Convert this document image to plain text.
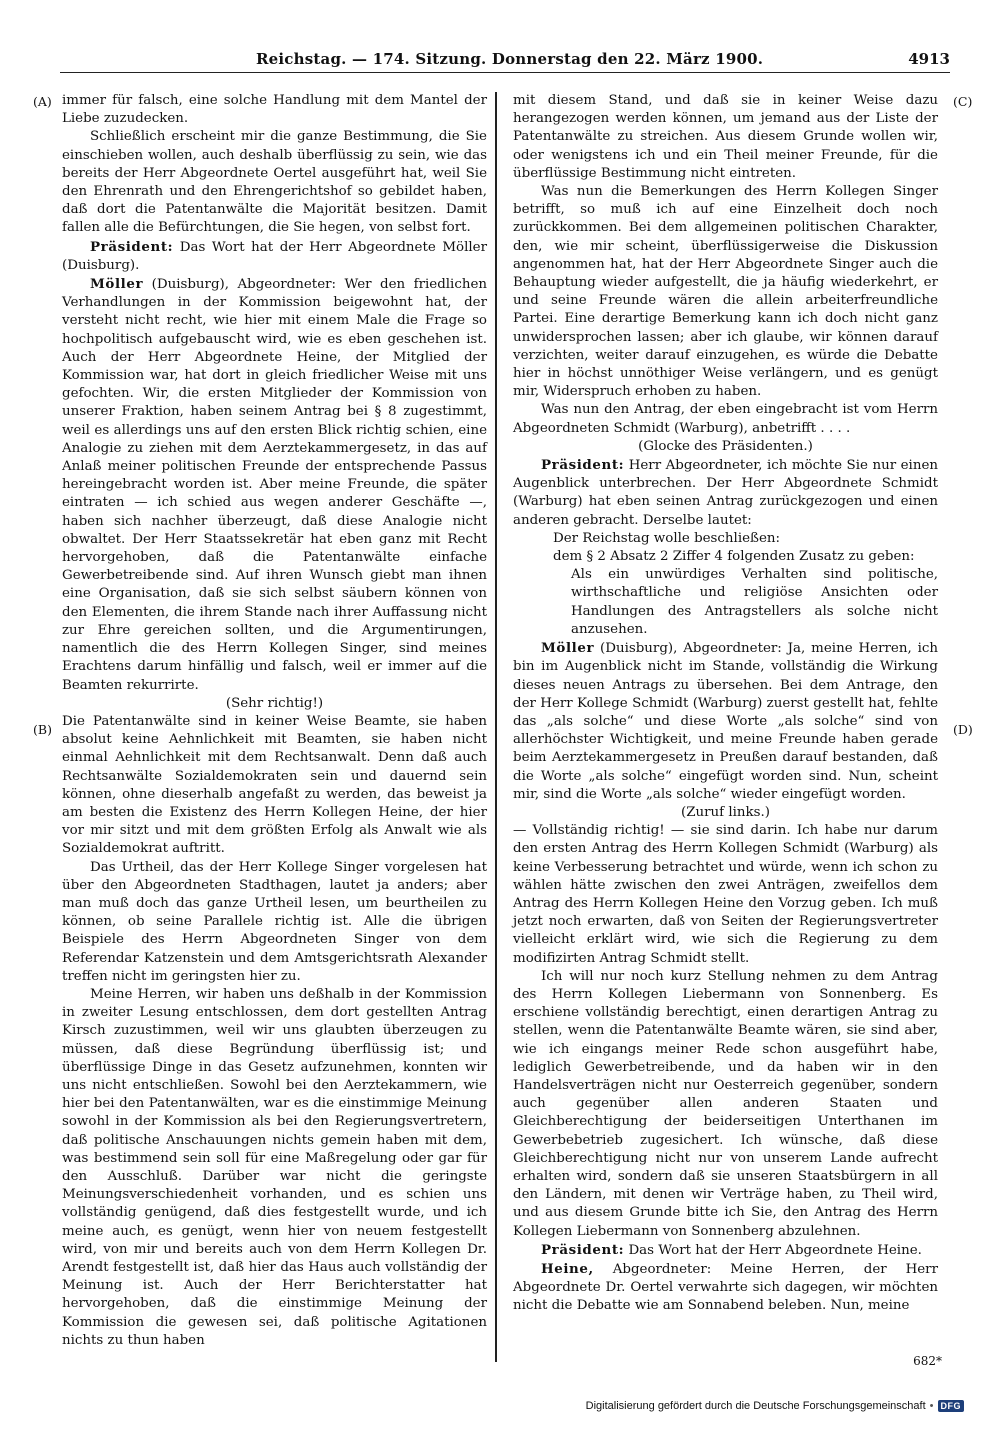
Reichstag. — 174. Sitzung. Donnerstag den 22. März 1900.	4913
(A)
(B)
(C)
(D)

immer für falsch, eine solche Handlung mit dem Mantel der Liebe zuzudecken.

Schließlich erscheint mir die ganze Bestimmung, die Sie einschieben wollen, auch deshalb überflüssig zu sein, wie das bereits der Herr Abgeordnete Oertel ausgeführt hat, weil Sie den Ehrenrath und den Ehrengerichtshof so gebildet haben, daß dort die Patentanwälte die Majorität besitzen. Damit fallen alle die Befürchtungen, die Sie hegen, von selbst fort.

Präsident: Das Wort hat der Herr Abgeordnete Möller (Duisburg).

Möller (Duisburg), Abgeordneter: Wer den friedlichen Verhandlungen in der Kommission beigewohnt hat, der versteht nicht recht, wie hier mit einem Male die Frage so hochpolitisch aufgebauscht wird, wie es eben geschehen ist. Auch der Herr Abgeordnete Heine, der Mitglied der Kommission war, hat dort in gleich friedlicher Weise mit uns gefochten. Wir, die ersten Mitglieder der Kommission von unserer Fraktion, haben seinem Antrag bei § 8 zugestimmt, weil es allerdings uns auf den ersten Blick richtig schien, eine Analogie zu ziehen mit dem Aerztekammergesetz, in das auf Anlaß meiner politischen Freunde der entsprechende Passus hereingebracht worden ist. Aber meine Freunde, die später eintraten — ich schied aus wegen anderer Geschäfte —, haben sich nachher überzeugt, daß diese Analogie nicht obwaltet. Der Herr Staatssekretär hat eben ganz mit Recht hervorgehoben, daß die Patentanwälte einfache Gewerbetreibende sind. Auf ihren Wunsch giebt man ihnen eine Organisation, daß sie sich selbst säubern können von den Elementen, die ihrem Stande nach ihrer Auffassung nicht zur Ehre gereichen sollten, und die Argumentirungen, namentlich die des Herrn Kollegen Singer, sind meines Erachtens darum hinfällig und falsch, weil er immer auf die Beamten rekurrirte.

(Sehr richtig!)

Die Patentanwälte sind in keiner Weise Beamte, sie haben absolut keine Aehnlichkeit mit Beamten, sie haben nicht einmal Aehnlichkeit mit dem Rechtsanwalt. Denn daß auch Rechtsanwälte Sozialdemokraten sein und dauernd sein können, ohne dieserhalb angefaßt zu werden, das beweist ja am besten die Existenz des Herrn Kollegen Heine, der hier vor mir sitzt und mit dem größten Erfolg als Anwalt wie als Sozialdemokrat auftritt.

Das Urtheil, das der Herr Kollege Singer vorgelesen hat über den Abgeordneten Stadthagen, lautet ja anders; aber man muß doch das ganze Urtheil lesen, um beurtheilen zu können, ob seine Parallele richtig ist. Alle die übrigen Beispiele des Herrn Abgeordneten Singer von dem Referendar Katzenstein und dem Amtsgerichtsrath Alexander treffen nicht im geringsten hier zu.

Meine Herren, wir haben uns deßhalb in der Kommission in zweiter Lesung entschlossen, dem dort gestellten Antrag Kirsch zuzustimmen, weil wir uns glaubten überzeugen zu müssen, daß diese Begründung überflüssig ist; und überflüssige Dinge in das Gesetz aufzunehmen, konnten wir uns nicht entschließen. Sowohl bei den Aerztekammern, wie hier bei den Patentanwälten, war es die einstimmige Meinung sowohl in der Kommission als bei den Regierungsvertretern, daß politische Anschauungen nichts gemein haben mit dem, was bestimmend sein soll für eine Maßregelung oder gar für den Ausschluß. Darüber war nicht die geringste Meinungsverschiedenheit vorhanden, und es schien uns vollständig genügend, daß dies festgestellt wurde, und ich meine auch, es genügt, wenn hier von neuem festgestellt wird, von mir und bereits auch von dem Herrn Kollegen Dr. Arendt festgestellt ist, daß hier das Haus auch vollständig der Meinung ist. Auch der Herr Berichterstatter hat hervorgehoben, daß die einstimmige Meinung der Kommission die gewesen sei, daß politische Agitationen nichts zu thun haben

mit diesem Stand, und daß sie in keiner Weise dazu herangezogen werden können, um jemand aus der Liste der Patentanwälte zu streichen. Aus diesem Grunde wollen wir, oder wenigstens ich und ein Theil meiner Freunde, für die überflüssige Bestimmung nicht eintreten.

Was nun die Bemerkungen des Herrn Kollegen Singer betrifft, so muß ich auf eine Einzelheit doch noch zurückkommen. Bei dem allgemeinen politischen Charakter, den, wie mir scheint, überflüssigerweise die Diskussion angenommen hat, hat der Herr Abgeordnete Singer auch die Behauptung wieder aufgestellt, die ja häufig wiederkehrt, er und seine Freunde wären die allein arbeiterfreundliche Partei. Eine derartige Bemerkung kann ich doch nicht ganz unwidersprochen lassen; aber ich glaube, wir können darauf verzichten, weiter darauf einzugehen, es würde die Debatte hier in höchst unnöthiger Weise verlängern, und es genügt mir, Widerspruch erhoben zu haben.

Was nun den Antrag, der eben eingebracht ist vom Herrn Abgeordneten Schmidt (Warburg), anbetrifft . . . .

(Glocke des Präsidenten.)

Präsident: Herr Abgeordneter, ich möchte Sie nur einen Augenblick unterbrechen. Der Herr Abgeordnete Schmidt (Warburg) hat eben seinen Antrag zurückgezogen und einen anderen gebracht. Derselbe lautet:

Der Reichstag wolle beschließen:

dem § 2 Absatz 2 Ziffer 4 folgenden Zusatz zu geben:

Als ein unwürdiges Verhalten sind politische, wirthschaftliche und religiöse Ansichten oder Handlungen des Antragstellers als solche nicht anzusehen.

Möller (Duisburg), Abgeordneter: Ja, meine Herren, ich bin im Augenblick nicht im Stande, vollständig die Wirkung dieses neuen Antrags zu übersehen. Bei dem Antrage, den der Herr Kollege Schmidt (Warburg) zuerst gestellt hat, fehlte das „als solche“ und diese Worte „als solche“ sind von allerhöchster Wichtigkeit, und meine Freunde haben gerade beim Aerztekammergesetz in Preußen darauf bestanden, daß die Worte „als solche“ eingefügt worden sind. Nun, scheint mir, sind die Worte „als solche“ wieder eingefügt worden.

(Zuruf links.)

— Vollständig richtig! — sie sind darin. Ich habe nur darum den ersten Antrag des Herrn Kollegen Schmidt (Warburg) als keine Verbesserung betrachtet und würde, wenn ich schon zu wählen hätte zwischen den zwei Anträgen, zweifellos dem Antrag des Herrn Kollegen Heine den Vorzug geben. Ich muß jetzt noch erwarten, daß von Seiten der Regierungsvertreter vielleicht erklärt wird, wie sich die Regierung zu dem modifizirten Antrag Schmidt stellt.

Ich will nur noch kurz Stellung nehmen zu dem Antrag des Herrn Kollegen Liebermann von Sonnenberg. Es erschiene vollständig berechtigt, einen derartigen Antrag zu stellen, wenn die Patentanwälte Beamte wären, sie sind aber, wie ich eingangs meiner Rede schon ausgeführt habe, lediglich Gewerbetreibende, und da haben wir in den Handelsverträgen nicht nur Oesterreich gegenüber, sondern auch gegenüber allen anderen Staaten und Gleichberechtigung der beiderseitigen Unterthanen im Gewerbebetrieb zugesichert. Ich wünsche, daß diese Gleichberechtigung nicht nur von unserem Lande aufrecht erhalten wird, sondern daß sie unseren Staatsbürgern in all den Ländern, mit denen wir Verträge haben, zu Theil wird, und aus diesem Grunde bitte ich Sie, den Antrag des Herrn Kollegen Liebermann von Sonnenberg abzulehnen.

Präsident: Das Wort hat der Herr Abgeordnete Heine.

Heine, Abgeordneter: Meine Herren, der Herr Abgeordnete Dr. Oertel verwahrte sich dagegen, wir möchten nicht die Debatte wie am Sonnabend beleben. Nun, meine

682*
Digitalisierung gefördert durch die Deutsche Forschungsgemeinschaft • DFG
